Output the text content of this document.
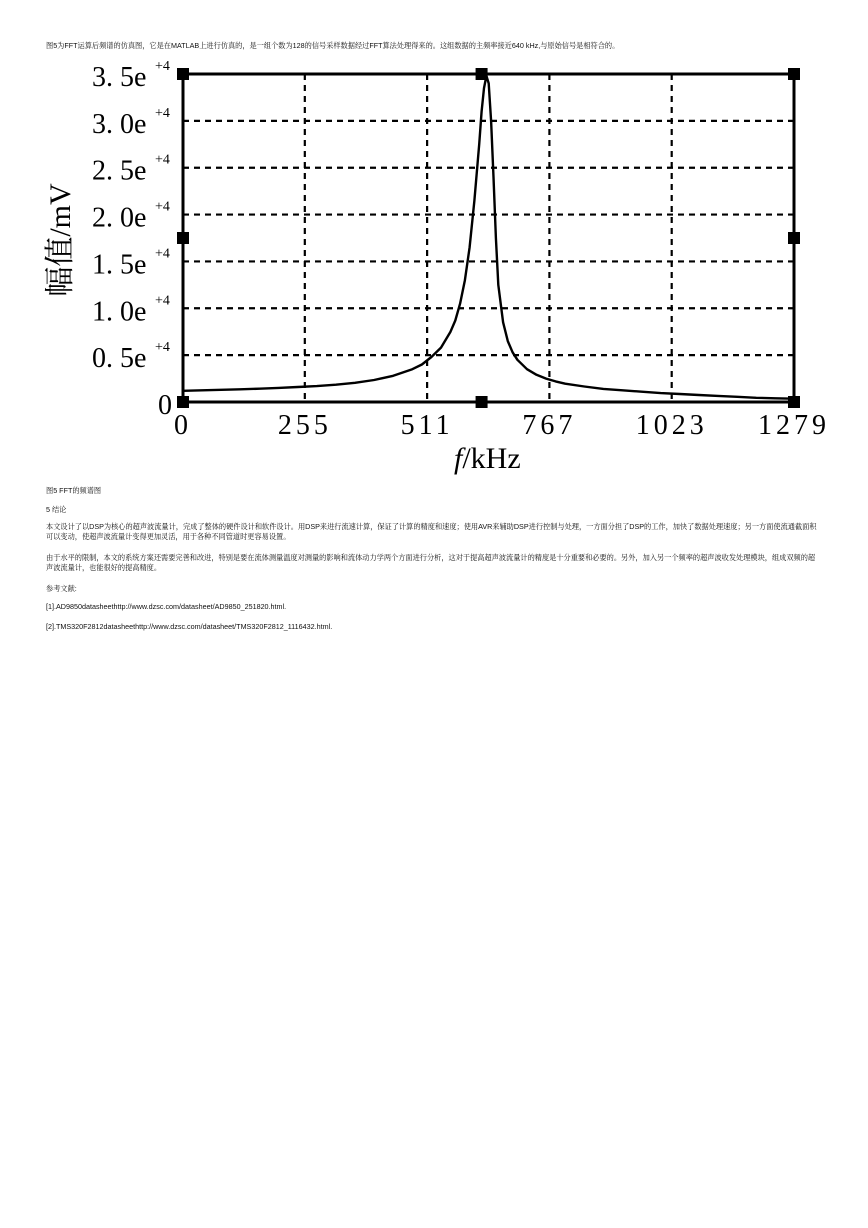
图5为FFT运算后频谱的仿真图，它是在MATLAB上进行仿真的，是一组个数为128的信号采样数据经过FFT算法处理得来的。这组数据的主频率接近640 kHz,与原始信号是相符合的。
0	255 511 767 1023 1279
0
0. 5e +4
1. 0e +4
1. 5e +4
2. 0e +4
2. 5e +4
3. 0e +4
3. 5e +4
f/kHz
幅值/mV
图5 FFT的频谱图
5 结论
本文设计了以DSP为核心的超声波流量计，完成了整体的硬件设计和软件设计。用DSP来进行流速计算，保证了计算的精度和速度；使用AVR来辅助DSP进行控制与处理，一方面分担了DSP的工作，加快了数据处理速度；另一方面使流通截面积可以变动，使超声波流量计变得更加灵活，用于各种不同管道时更容易设置。
由于水平的限制，本文的系统方案还需要完善和改进，特别是要在流体测量温度对测量的影响和流体动力学两个方面进行分析，这对于提高超声波流量计的精度是十分重要和必要的。另外，加入另一个频率的超声波收发处理模块，组成双频的超声波流量计，也能很好的提高精度。
参考文献:
[1].AD9850datasheethttp://www.dzsc.com/datasheet/AD9850_251820.html.
[2].TMS320F2812datasheethttp://www.dzsc.com/datasheet/TMS320F2812_1116432.html.
